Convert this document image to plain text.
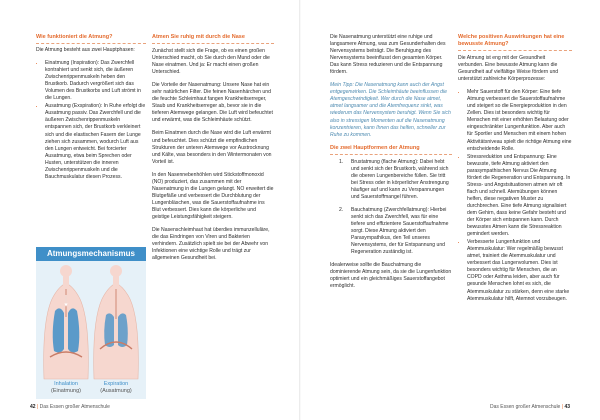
Wie funktioniert die Atmung?

Die Atmung besteht aus zwei Hauptphasen:

• Einatmung (Inspiration): Das Zwerchfell kontrahiert und senkt sich, die äußeren Zwischenrippenmuskeln heben den Brustkorb. Dadurch vergrößert sich das Volumen des Brustkorbs und Luft strömt in die Lungen.
• Ausatmung (Exspiration): In Ruhe erfolgt die Ausatmung passiv. Das Zwerchfell und die äußeren Zwischenrippenmuskeln entspannen sich, der Brustkorb verkleinert sich und die elastischen Fasern der Lunge ziehen sich zusammen, wodurch Luft aus den Lungen entweicht. Bei forcierter Ausatmung, etwa beim Sprechen oder Husten, unterstützen die inneren Zwischenrippenmuskeln und die Bauchmuskulatur diesen Prozess.
Atmungsmechanismus
Inhalation
(Einatmung)
Expiration
(Ausatmung)
Atmen Sie ruhig mit durch die Nase

Zunächst stellt sich die Frage, ob es einen großen Unterschied macht, ob Sie durch den Mund oder die Nase einatmen. Und ja: Er macht einen großen Unterschied.

Die Vorteile der Nasenatmung: Unsere Nase hat ein sehr natürlichen Filter. Die feinen Nasenhärchen und die feuchte Schleimhaut fangen Krankheitserreger, Staub und Krankheitserreger ab, bevor sie in die tieferen Atemwege gelangen. Die Luft wird befeuchtet und erwärmt, was die Schleimhäute schützt.

Beim Einatmen durch die Nase wird die Luft erwärmt und befeuchtet. Dies schützt die empfindlichen Strukturen der unteren Atemwege vor Austrocknung und Kälte, was besonders in den Wintermonaten von Vorteil ist.

In den Nasennebenhöhlen wird Stickstoffmonoxid (NO) produziert, das zusammen mit der Nasenatmung in die Lungen gelangt. NO erweitert die Blutgefäße und verbessert die Durchblutung der Lungenbläschen, was die Sauerstoffaufnahme ins Blut verbessert. Dies kann die körperliche und geistige Leistungsfähigkeit steigern.

Die Nasenschleimhaut hat überdies immunzelluläre, die das Eindringen von Viren und Bakterien verhindern. Zusätzlich spielt sie bei der Abwehr von Infektionen eine wichtige Rolle und trägt zur allgemeinen Gesundheit bei.

42 | Das Essen großer Atmenschule

Die Nasenatmung unterstützt eine ruhige und langsamere Atmung, was zum Gesunderhalten des Nervensystems beiträgt. Die Beruhigung des Nervensystems beeinflusst den gesamten Körper. Das kann Stress reduzieren und die Entspannung fördern.

Mein Tipp: Die Nasenatmung kann auch der Angst entgegenwirken. Die Schleimhäute beeinflussen die Atemgeschwindigkeit. Wer durch die Nase atmet, atmet langsamer und die Atemfrequenz sinkt, was wiederum das Nervensystem beruhigt. Wenn Sie sich also in stressigen Momenten auf die Nasenatmung konzentrieren, kann Ihnen das helfen, schneller zur Ruhe zu kommen.

Die zwei Hauptformen der Atmung
1. Brustatmung (flache Atmung): Dabei hebt und senkt sich der Brustkorb, während sich die oberen Lungenbereiche füllen. Sie tritt bei Stress oder in körperlicher Anstrengung häufiger auf und kann zu Verspannungen und Sauerstoffmangel führen.
2. Bauchatmung (Zwerchfellatmung): Hierbei senkt sich das Zwerchfell, was für eine tiefere und effizientere Sauerstoffaufnahme sorgt. Diese Atmung aktiviert den Parasympathikus, den Teil unseres Nervensystems, der für Entspannung und Regeneration zuständig ist.

Idealerweise sollte die Bauchatmung die dominierende Atmung sein, da sie die Lungenfunktion optimiert und ein gleichmäßiges Sauerstoffangebot ermöglicht.

Welche positiven Auswirkungen hat eine bewusste Atmung?

Die Atmung ist eng mit der Gesundheit verbunden. Eine bewusste Atmung kann die Gesundheit auf vielfältige Weise fördern und unterstützt zahlreiche Körperprozesse:

• Mehr Sauerstoff für den Körper: Eine tiefe Atmung verbessert die Sauerstoffaufnahme und steigert so die Energieproduktion in den Zellen. Dies ist besonders wichtig für Menschen mit einer erhöhten Belastung oder eingeschränkter Lungenfunktion. Aber auch für Sportler und Menschen mit einem hohen Aktivitätsniveau spielt die richtige Atmung eine entscheidende Rolle.
• Stressreduktion und Entspannung: Eine bewusste, tiefe Atmung aktiviert den parasympathischen Nervus Die Atmung fördert die Regeneration und Entspannung. In Stress- und Angstsituationen atmen wir oft flach und schnell. Atemübungen können helfen, diese negativen Muster zu durchbrechen. Eine tiefe Atmung signalisiert dem Gehirn, dass keine Gefahr besteht und der Körper sich entspannen kann. Durch bewusstes Atmen kann die Stressreaktion gemindert werden.
• Verbesserte Lungenfunktion und Atemmuskulatur: Wer regelmäßig bewusst atmet, trainiert die Atemmuskulatur und verbessert das Lungenvolumen. Dies ist besonders wichtig für Menschen, die an COPD oder Asthma leiden, aber auch für gesunde Menschen lohnt es sich, die Atemmuskulatur zu stärken, denn eine starke Atemmuskulatur hilft, Atemnot vorzubeugen.
Das Essen großer Atmenschule | 43
